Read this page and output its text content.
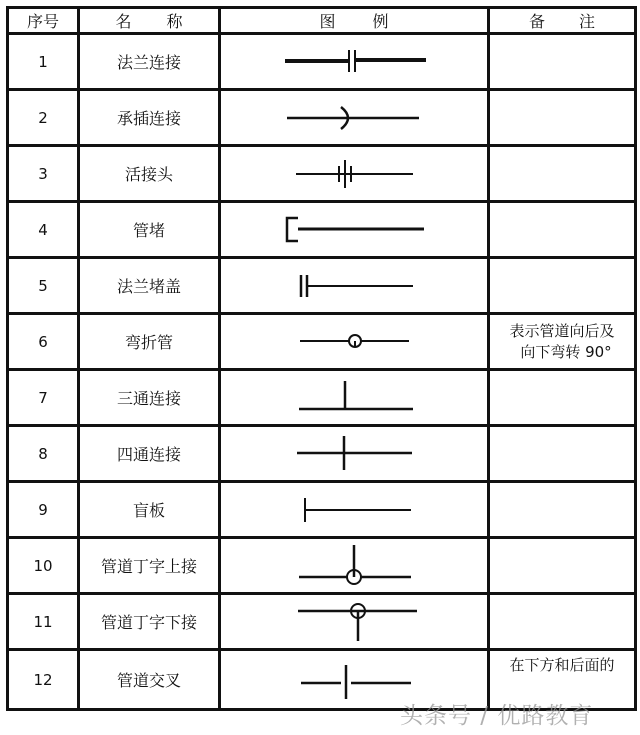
序号	名 称	图 例	备 注

1	法兰连接	

2	承插连接	

3	活接头	

4	管堵	

5	法兰堵盖	

6	弯折管		表示管道向后及
向下弯转 90°

7	三通连接	

8	四通连接	

9	盲板	

10	管道丁字上接	

11	管道丁字下接	

12	管道交叉		在下方和后面的
头条号 / 优路教育
